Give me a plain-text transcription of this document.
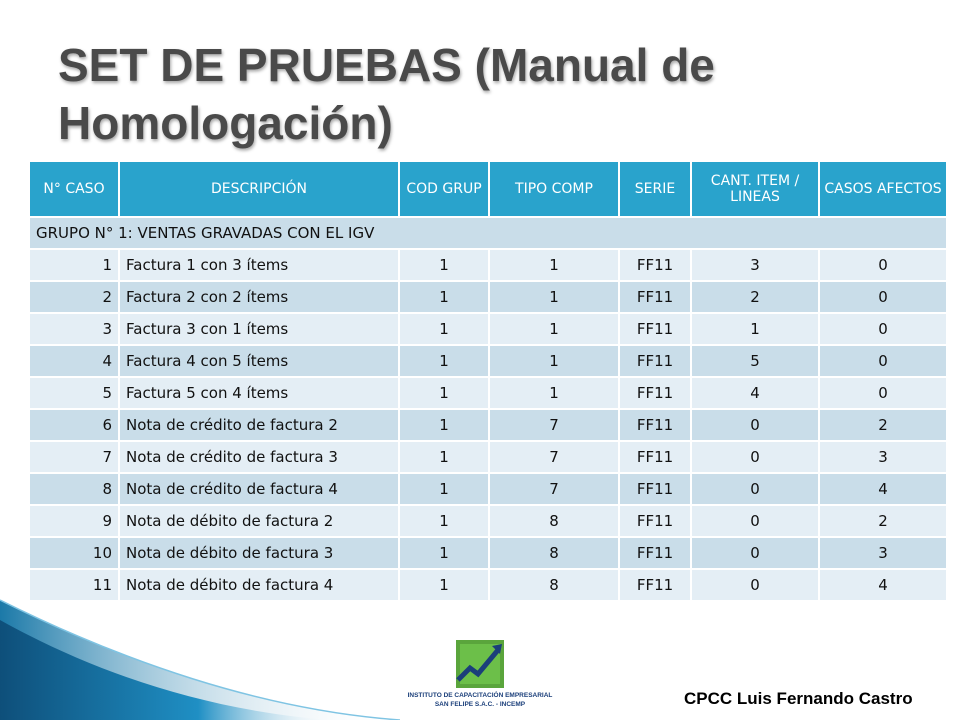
SET DE PRUEBAS (Manual de Homologación)
N° CASO	DESCRIPCIÓN	COD GRUP	TIPO COMP	SERIE	CANT. ITEM / LINEAS	CASOS AFECTOS
GRUPO N° 1: VENTAS GRAVADAS CON EL IGV						
1	Factura 1 con 3 ítems	1	1	FF11	3	0
2	Factura 2 con 2 ítems	1	1	FF11	2	0
3	Factura 3 con 1 ítems	1	1	FF11	1	0
4	Factura 4 con 5 ítems	1	1	FF11	5	0
5	Factura 5 con 4 ítems	1	1	FF11	4	0
6	Nota de crédito de factura 2	1	7	FF11	0	2
7	Nota de crédito de factura 3	1	7	FF11	0	3
8	Nota de crédito de factura 4	1	7	FF11	0	4
9	Nota de débito de factura 2	1	8	FF11	0	2
10	Nota de débito de factura 3	1	8	FF11	0	3
11	Nota de débito de factura 4	1	8	FF11	0	4
INSTITUTO DE CAPACITACIÓN EMPRESARIAL
SAN FELIPE S.A.C. - INCEMP	CPCC Luis Fernando Castro
